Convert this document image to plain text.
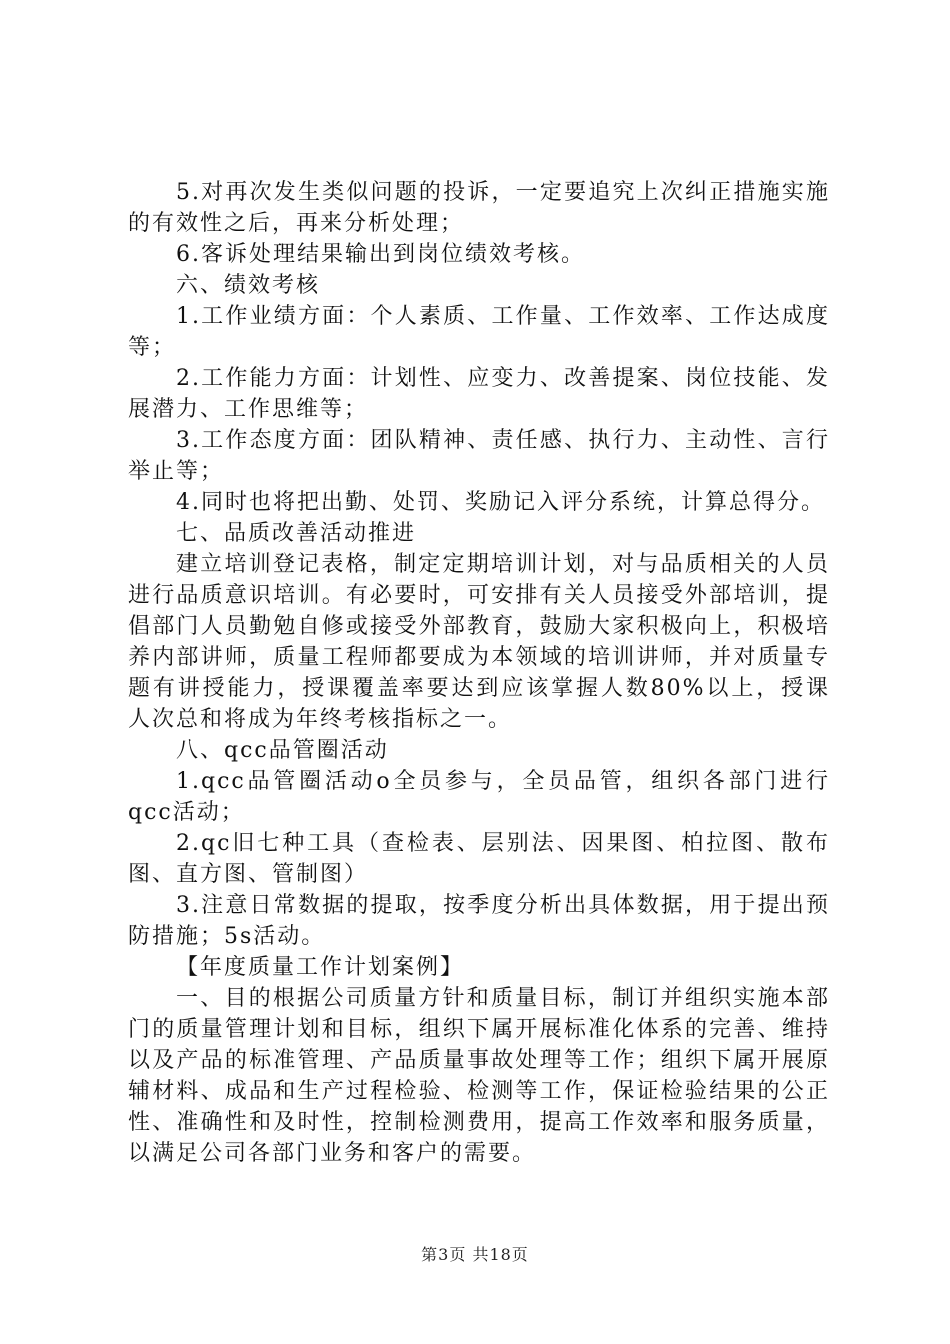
5.对再次发生类似问题的投诉，一定要追究上次纠正措施实施的有效性之后，再来分析处理；

6.客诉处理结果输出到岗位绩效考核。

六、绩效考核

1.工作业绩方面：个人素质、工作量、工作效率、工作达成度等；

2.工作能力方面：计划性、应变力、改善提案、岗位技能、发展潜力、工作思维等；

3.工作态度方面：团队精神、责任感、执行力、主动性、言行举止等；

4.同时也将把出勤、处罚、奖励记入评分系统，计算总得分。

七、品质改善活动推进

建立培训登记表格，制定定期培训计划，对与品质相关的人员进行品质意识培训。有必要时，可安排有关人员接受外部培训，提倡部门人员勤勉自修或接受外部教育，鼓励大家积极向上，积极培养内部讲师，质量工程师都要成为本领域的培训讲师，并对质量专题有讲授能力，授课覆盖率要达到应该掌握人数80%以上，授课人次总和将成为年终考核指标之一。

八、qcc品管圈活动

1.qcc品管圈活动o全员参与，全员品管，组织各部门进行qcc活动；

2.qc旧七种工具（查检表、层别法、因果图、柏拉图、散布图、直方图、管制图）

3.注意日常数据的提取，按季度分析出具体数据，用于提出预防措施；5s活动。

【年度质量工作计划案例】

一、目的根据公司质量方针和质量目标，制订并组织实施本部门的质量管理计划和目标，组织下属开展标准化体系的完善、维持以及产品的标准管理、产品质量事故处理等工作；组织下属开展原辅材料、成品和生产过程检验、检测等工作，保证检验结果的公正性、准确性和及时性，控制检测费用，提高工作效率和服务质量，以满足公司各部门业务和客户的需要。

第3页 共18页
